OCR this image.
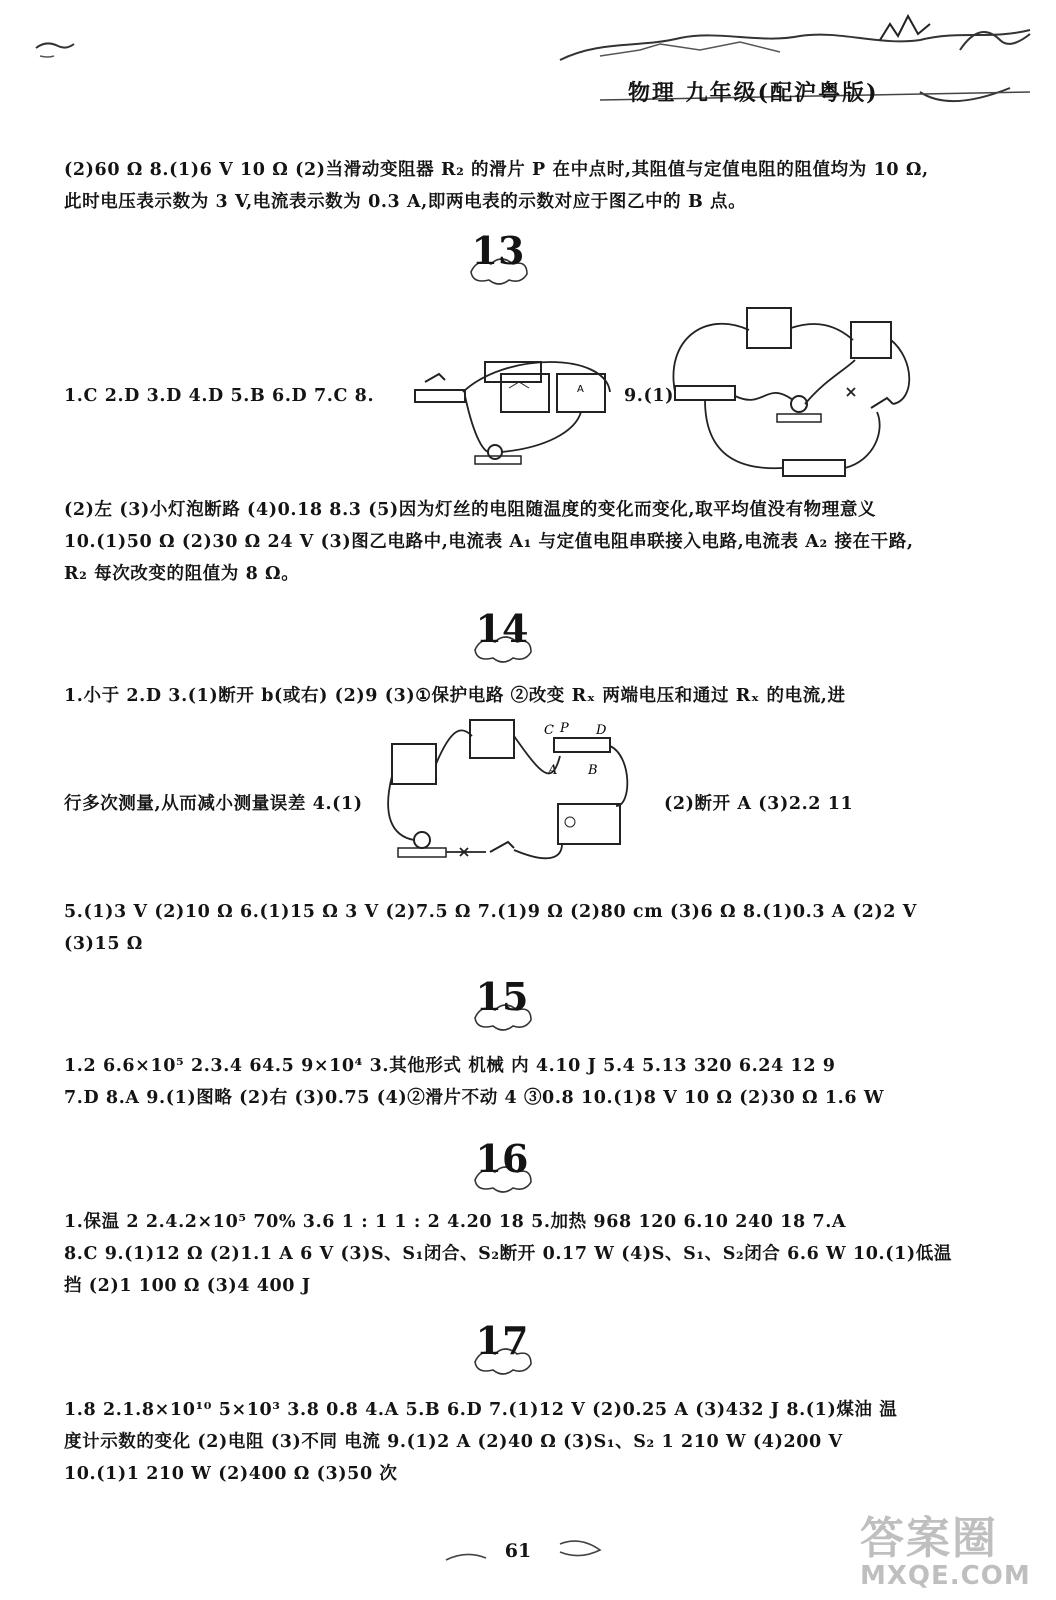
物理 九年级(配沪粤版)
(2)60 Ω 8.(1)6 V 10 Ω (2)当滑动变阻器 R₂ 的滑片 P 在中点时,其阻值与定值电阻的阻值均为 10 Ω,
此时电压表示数为 3 V,电流表示数为 0.3 A,即两电表的示数对应于图乙中的 B 点。
13
1.C 2.D 3.D 4.D 5.B 6.D 7.C 8.	A 9.(1)
(2)左 (3)小灯泡断路 (4)0.18 8.3 (5)因为灯丝的电阻随温度的变化而变化,取平均值没有物理意义
10.(1)50 Ω (2)30 Ω 24 V (3)图乙电路中,电流表 A₁ 与定值电阻串联接入电路,电流表 A₂ 接在干路,
R₂ 每次改变的阻值为 8 Ω。
14
1.小于 2.D 3.(1)断开 b(或右) (2)9 (3)①保护电路 ②改变 Rₓ 两端电压和通过 Rₓ 的电流,进
C P D
A B
行多次测量,从而减小测量误差 4.(1)	(2)断开 A (3)2.2 11
5.(1)3 V (2)10 Ω 6.(1)15 Ω 3 V (2)7.5 Ω 7.(1)9 Ω (2)80 cm (3)6 Ω 8.(1)0.3 A (2)2 V
(3)15 Ω
15
1.2 6.6×10⁵ 2.3.4 64.5 9×10⁴ 3.其他形式 机械 内 4.10 J 5.4 5.13 320 6.24 12 9
7.D 8.A 9.(1)图略 (2)右 (3)0.75 (4)②滑片不动 4 ③0.8 10.(1)8 V 10 Ω (2)30 Ω 1.6 W
16
1.保温 2 2.4.2×10⁵ 70% 3.6 1 : 1 1 : 2 4.20 18 5.加热 968 120 6.10 240 18 7.A
8.C 9.(1)12 Ω (2)1.1 A 6 V (3)S、S₁闭合、S₂断开 0.17 W (4)S、S₁、S₂闭合 6.6 W 10.(1)低温
挡 (2)1 100 Ω (3)4 400 J
17
1.8 2.1.8×10¹⁰ 5×10³ 3.8 0.8 4.A 5.B 6.D 7.(1)12 V (2)0.25 A (3)432 J 8.(1)煤油 温
度计示数的变化 (2)电阻 (3)不同 电流 9.(1)2 A (2)40 Ω (3)S₁、S₂ 1 210 W (4)200 V
10.(1)1 210 W (2)400 Ω (3)50 次
61	答案圈
MXQE.COM
